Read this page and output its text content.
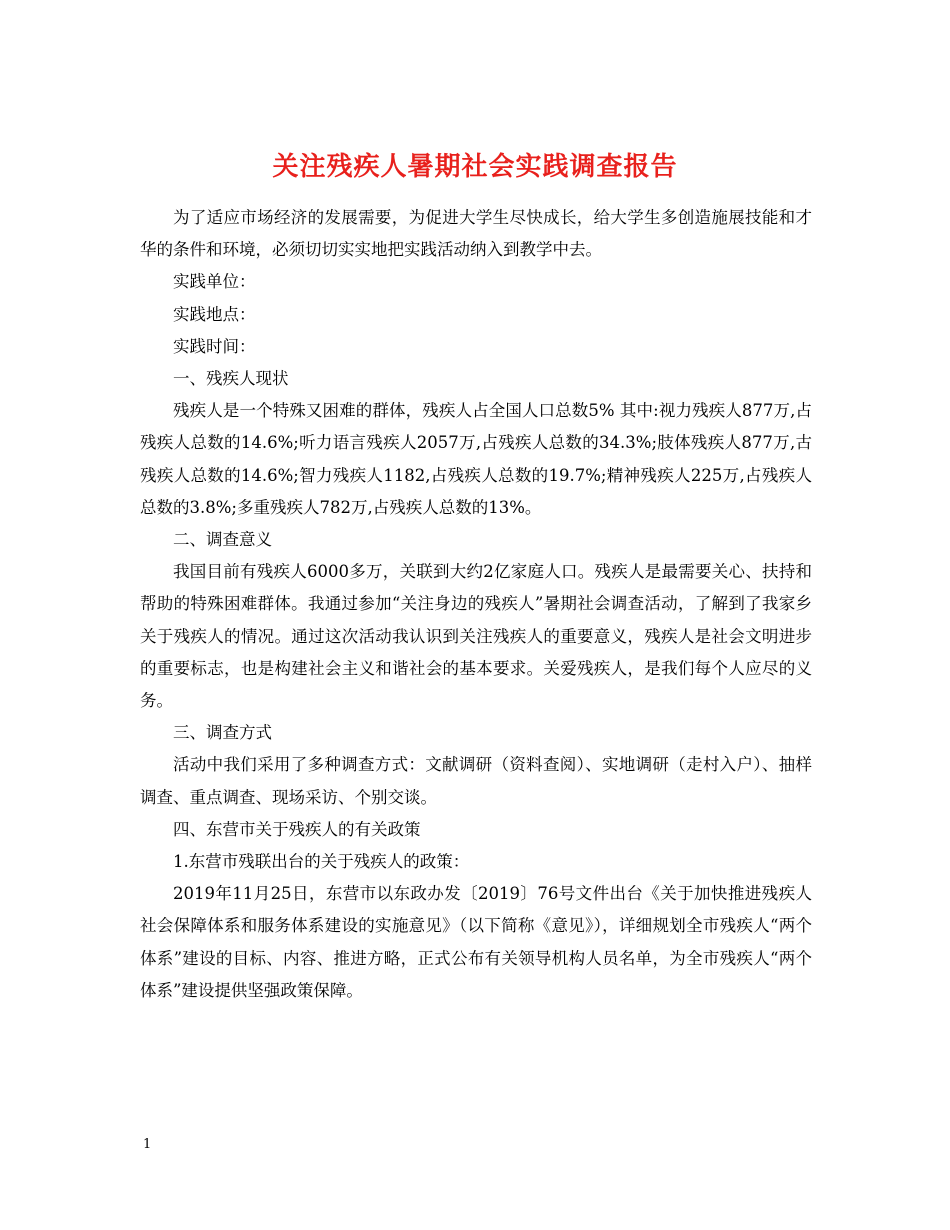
关注残疾人暑期社会实践调查报告

为了适应市场经济的发展需要，为促进大学生尽快成长，给大学生多创造施展技能和才华的条件和环境，必须切切实实地把实践活动纳入到教学中去。

实践单位：

实践地点：

实践时间：

一、残疾人现状

残疾人是一个特殊又困难的群体，残疾人占全国人口总数5% 其中:视力残疾人877万,占残疾人总数的14.6%;听力语言残疾人2057万,占残疾人总数的34.3%;肢体残疾人877万,古残疾人总数的14.6%;智力残疾人1182,占残疾人总数的19.7%;精神残疾人225万,占残疾人总数的3.8%;多重残疾人782万,占残疾人总数的13%。

二、调查意义

我国目前有残疾人6000多万，关联到大约2亿家庭人口。残疾人是最需要关心、扶持和帮助的特殊困难群体。我通过参加“关注身边的残疾人”暑期社会调查活动，了解到了我家乡关于残疾人的情况。通过这次活动我认识到关注残疾人的重要意义，残疾人是社会文明进步的重要标志，也是构建社会主义和谐社会的基本要求。关爱残疾人，是我们每个人应尽的义务。

三、调查方式

活动中我们采用了多种调查方式：文献调研（资料查阅）、实地调研（走村入户）、抽样调查、重点调查、现场采访、个别交谈。

四、东营市关于残疾人的有关政策

1.东营市残联出台的关于残疾人的政策：

2019年11月25日，东营市以东政办发〔2019〕76号文件出台《关于加快推进残疾人社会保障体系和服务体系建设的实施意见》（以下简称《意见》），详细规划全市残疾人“两个体系”建设的目标、内容、推进方略，正式公布有关领导机构人员名单，为全市残疾人“两个体系”建设提供坚强政策保障。

1
